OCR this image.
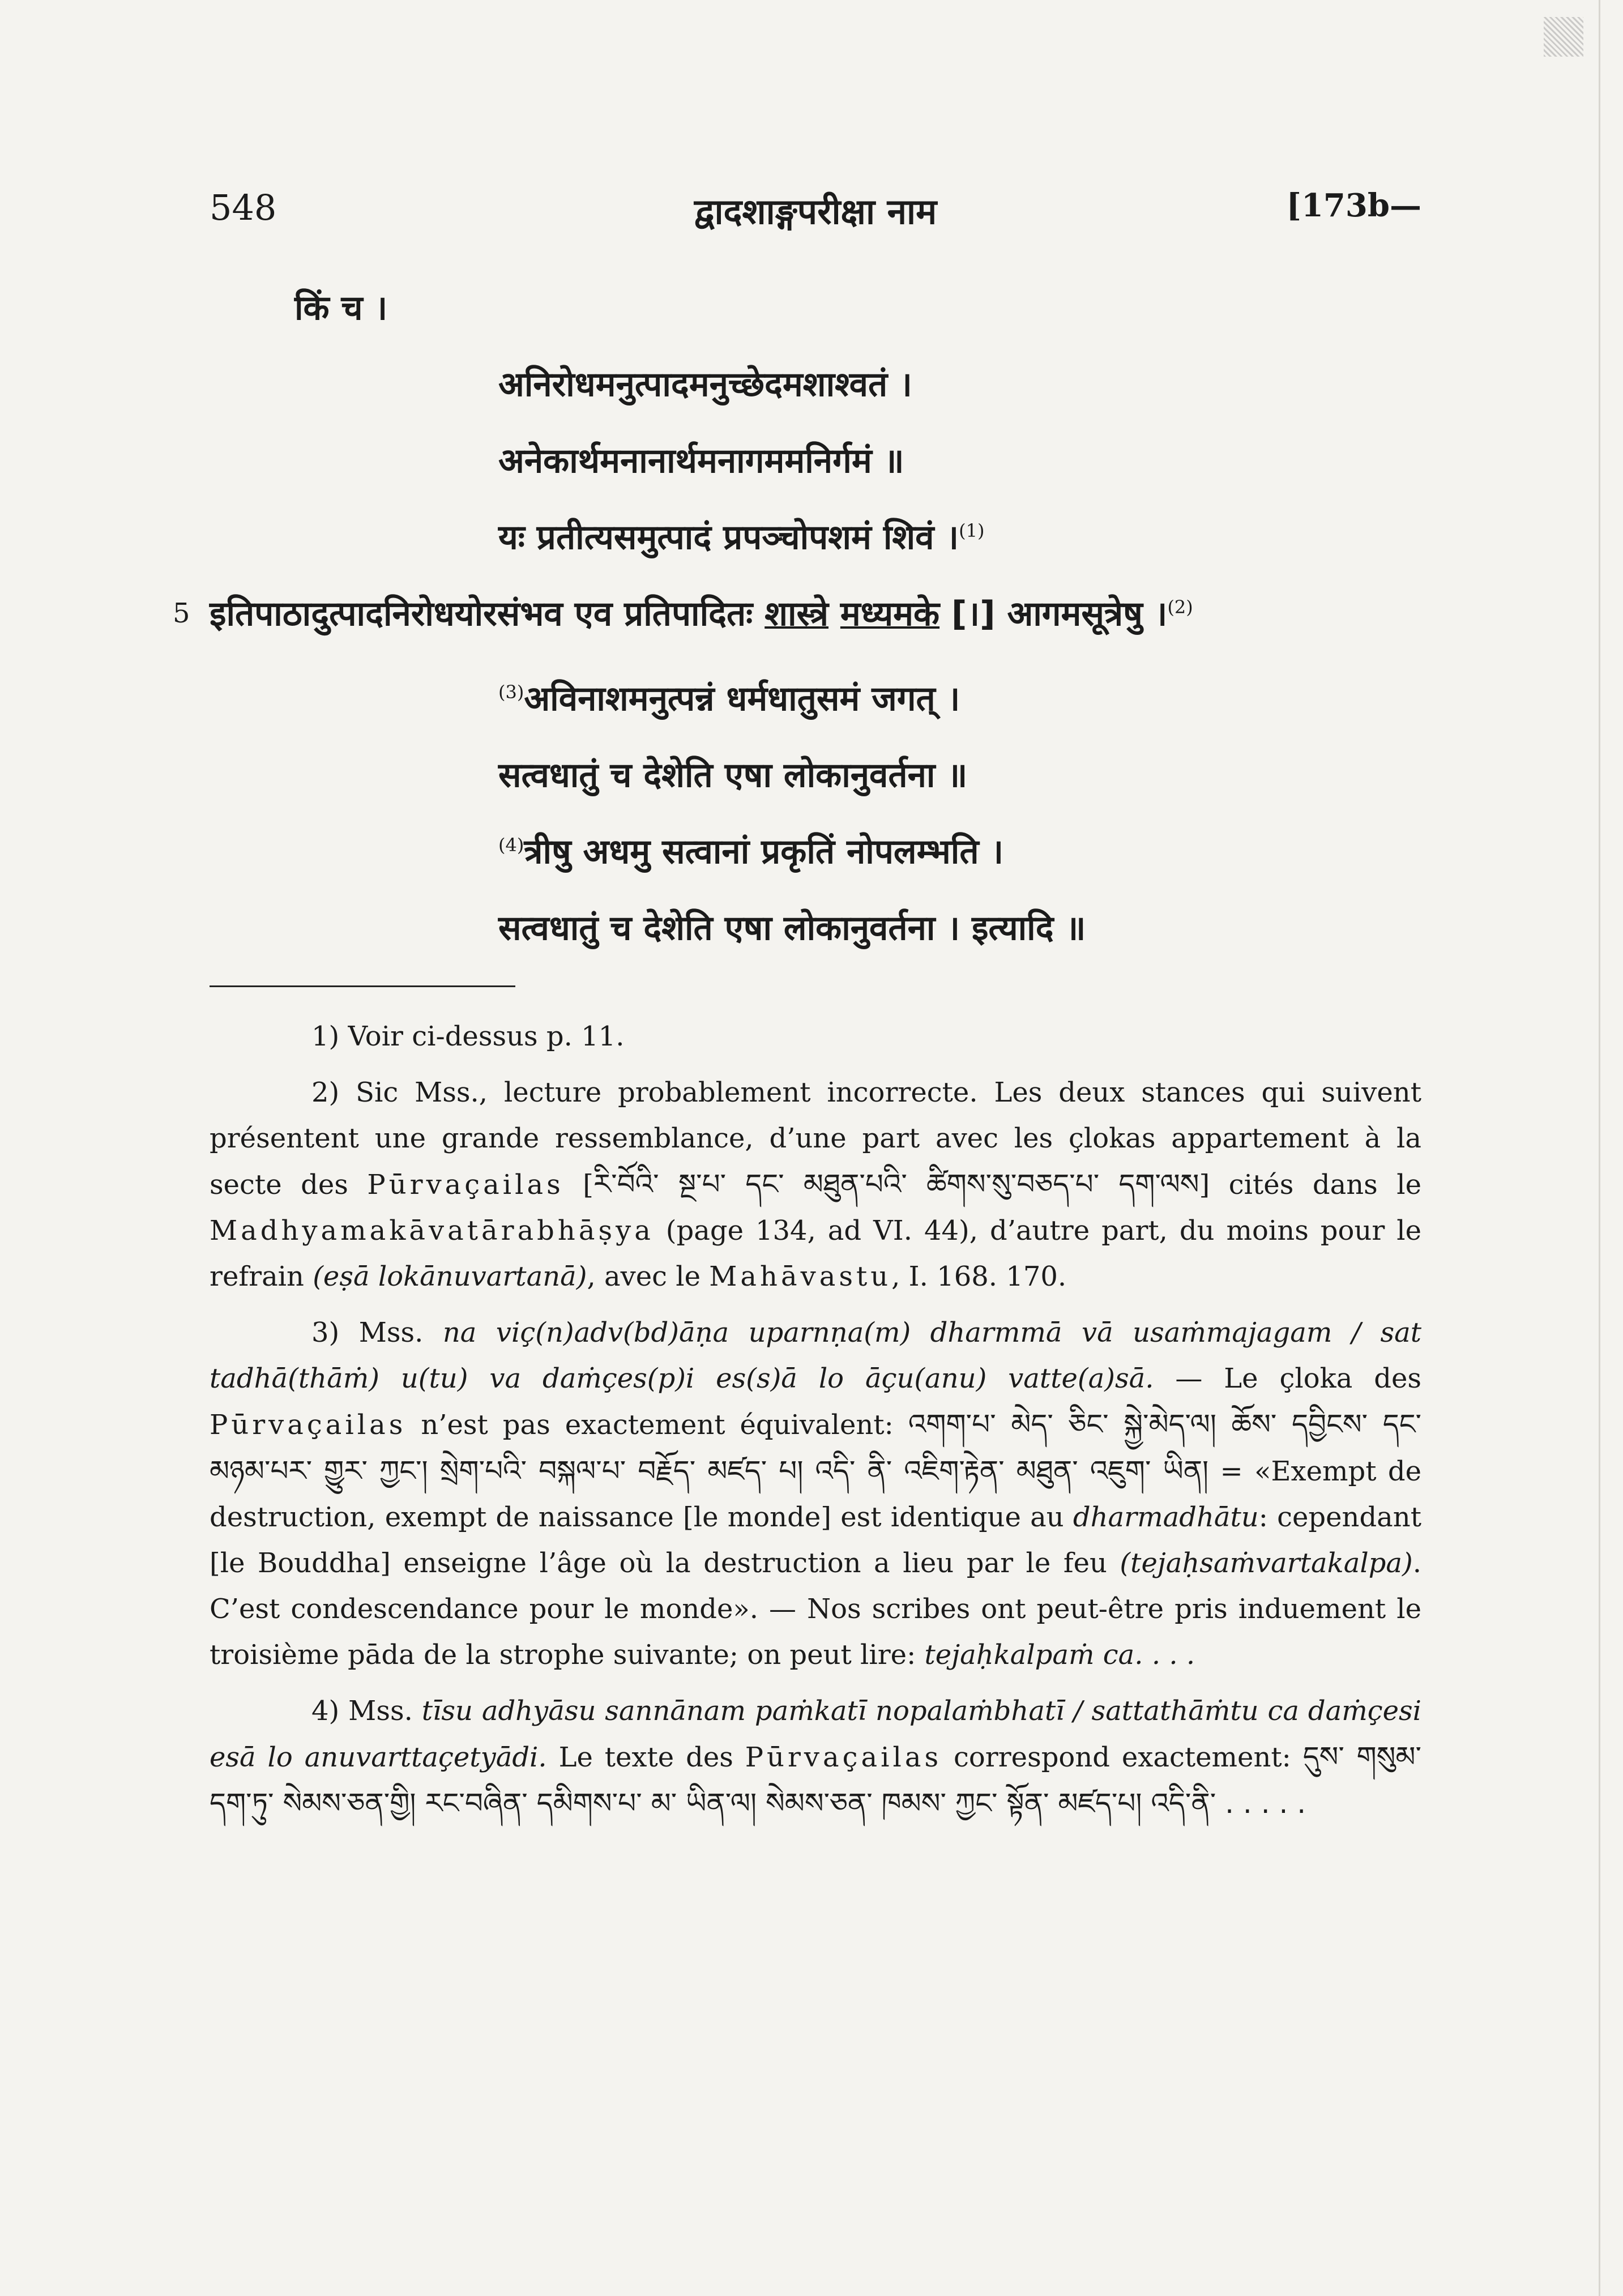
548	द्वादशाङ्गपरीक्षा नाम	[173b—
किं च ।
अनिरोधमनुत्पादमनुच्छेदमशाश्वतं ।
अनेकार्थमनानार्थमनागममनिर्गमं ॥
यः प्रतीत्यसमुत्पादं प्रपञ्चोपशमं शिवं ।$^{(1)}$
5 इतिपाठादुत्पादनिरोधयोरसंभव एव प्रतिपादितः शास्त्रे मध्यमके [।] आगमसूत्रेषु ।$^{(2)}$
$^{(3)}$अविनाशमनुत्पन्नं धर्मधातुसमं जगत् ।
सत्वधातुं च देशेति एषा लोकानुवर्तना ॥
$^{(4)}$त्रीषु अधमु सत्वानां प्रकृतिं नोपलम्भति ।
सत्वधातुं च देशेति एषा लोकानुवर्तना । इत्यादि ॥

1) Voir ci-dessus p. 11.

2) Sic Mss., lecture probablement incorrecte. Les deux stances qui suivent présentent une grande ressemblance, d’une part avec les çlokas appartement à la secte des Pūrvaçailas [རི་བོའི་ སྔ་པ་ དང་ མཐུན་པའི་ ཚིགས་སུ་བཅད་པ་ དག་ལས] cités dans le Madhyamakāvatārabhāṣya (page 134, ad VI. 44), d’autre part, du moins pour le refrain (eṣā lokānuvartanā), avec le Mahāvastu, I. 168. 170.

3) Mss. na viç(n)adv(bd)āṇa uparnṇa(m) dharmmā vā usaṁmajagam / sat tadhā(thāṁ) u(tu) va daṁçes(p)i es(s)ā lo āçu(anu) vatte(a)sā. — Le çloka des Pūrvaçailas n’est pas exactement équivalent: འགག་པ་ མེད་ ཅིང་ སྐྱེ་མེད་ལ། ཆོས་ དབྱིངས་ དང་ མཉམ་པར་ གྱུར་ ཀྱང་། སྲེག་པའི་ བསྐལ་པ་ བརྗོད་ མཛད་ པ། འདི་ ནི་ འཇིག་རྟེན་ མཐུན་ འཇུག་ ཡིན། = «Exempt de destruction, exempt de naissance [le monde] est identique au dharmadhātu: cependant [le Bouddha] enseigne l’âge où la destruction a lieu par le feu (tejaḥsaṁvartakalpa). C’est condescendance pour le monde». — Nos scribes ont peut-être pris induement le troisième pāda de la strophe suivante; on peut lire: tejaḥkalpaṁ ca. . . .

4) Mss. tīsu adhyāsu sannānam paṁkatī nopalaṁbhatī / sattathāṁtu ca daṁçesi esā lo anuvarttaçetyādi. Le texte des Pūrvaçailas correspond exactement: དུས་ གསུམ་དག་ཏུ་ སེམས་ཅན་གྱི། རང་བཞིན་ དམིགས་པ་ མ་ ཡིན་ལ། སེམས་ཅན་ ཁམས་ ཀྱང་ སྟོན་ མཛད་པ། འདི་ནི་ . . . . .
